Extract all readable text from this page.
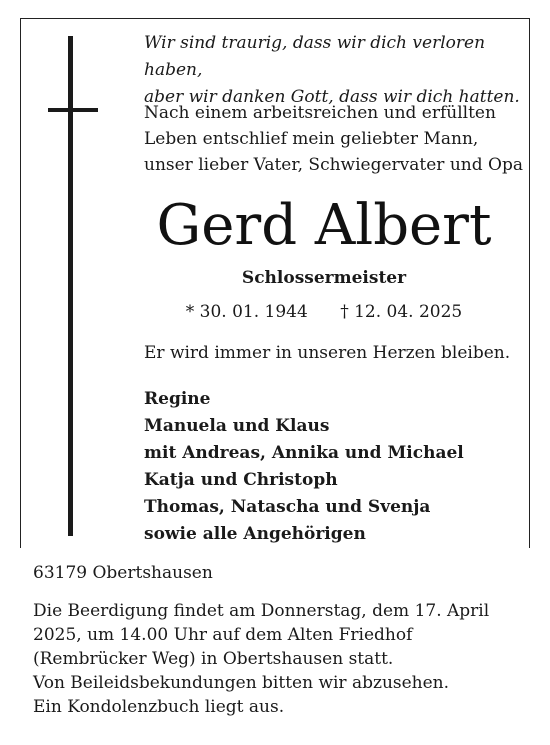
Wir sind traurig, dass wir dich verloren haben,
aber wir danken Gott, dass wir dich hatten.
Nach einem arbeitsreichen und erfüllten
Leben entschlief mein geliebter Mann,
unser lieber Vater, Schwiegervater und Opa
Gerd Albert
Schlossermeister
* 30. 01. 1944      † 12. 04. 2025
Er wird immer in unseren Herzen bleiben.
Regine
Manuela und Klaus
mit Andreas, Annika und Michael
Katja und Christoph
Thomas, Natascha und Svenja
sowie alle Angehörigen
63179 Obertshausen
Die Beerdigung findet am Donnerstag, dem 17. April
2025, um 14.00 Uhr auf dem Alten Friedhof
(Rembrücker Weg) in Obertshausen statt.
Von Beileidsbekundungen bitten wir abzusehen.
Ein Kondolenzbuch liegt aus.
